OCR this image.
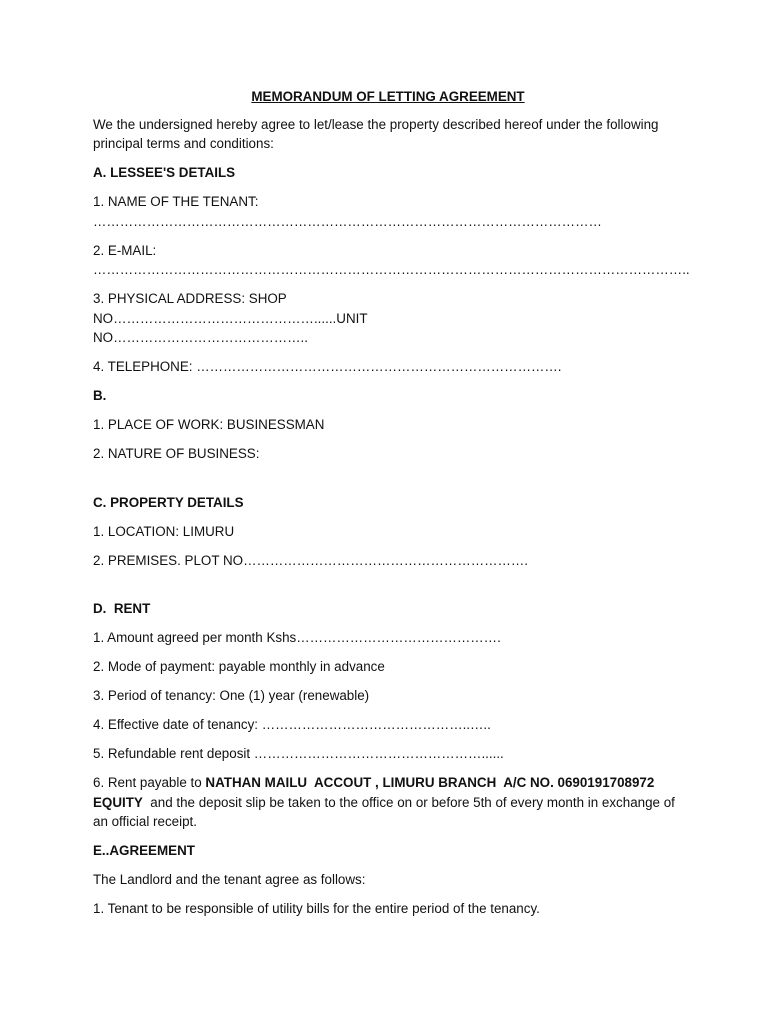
MEMORANDUM OF LETTING AGREEMENT

We the undersigned hereby agree to let/lease the property described hereof under the following principal terms and conditions:

A. LESSEE'S DETAILS

1. NAME OF THE TENANT: ……………………………………………………………………………………………………

2. E-MAIL: ……………………………………………………………………………………………………………………..

3. PHYSICAL ADDRESS: SHOP NO………………………………………......UNIT NO……………………………………..

4. TELEPHONE: ……………………………………………………………………….

B.

1. PLACE OF WORK: BUSINESSMAN

2. NATURE OF BUSINESS:

C. PROPERTY DETAILS

1. LOCATION: LIMURU

2. PREMISES. PLOT NO……………………………………………………….

D.  RENT

1. Amount agreed per month Kshs……………………………………….

2. Mode of payment: payable monthly in advance

3. Period of tenancy: One (1) year (renewable)

4. Effective date of tenancy: ………………………………………..…..

5. Refundable rent deposit ……………………………………………......

6. Rent payable to NATHAN MAILU  ACCOUT , LIMURU BRANCH  A/C NO. 0690191708972 EQUITY  and the deposit slip be taken to the office on or before 5th of every month in exchange of an official receipt.

E..AGREEMENT

The Landlord and the tenant agree as follows:

1. Tenant to be responsible of utility bills for the entire period of the tenancy.
